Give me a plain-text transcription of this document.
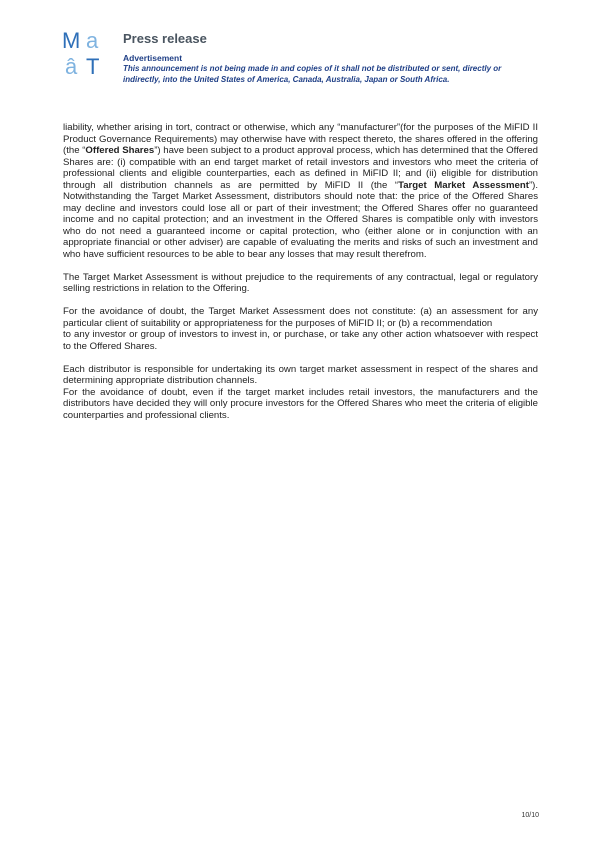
M a
â T
Press release
Advertisement
This announcement is not being made in and copies of it shall not be distributed or sent, directly or indirectly, into the United States of America, Canada, Australia, Japan or South Africa.

liability, whether arising in tort, contract or otherwise, which any “manufacturer”(for the purposes of the MiFID II Product Governance Requirements) may otherwise have with respect thereto, the shares offered in the offering (the “Offered Shares”) have been subject to a product approval process, which has determined that the Offered Shares are: (i) compatible with an end target market of retail investors and investors who meet the criteria of professional clients and eligible counterparties, each as defined in MiFID II; and (ii) eligible for distribution through all distribution channels as are permitted by MiFID II (the “Target Market Assessment”). Notwithstanding the Target Market Assessment, distributors should note that: the price of the Offered Shares may decline and investors could lose all or part of their investment; the Offered Shares offer no guaranteed income and no capital protection; and an investment in the Offered Shares is compatible only with investors who do not need a guaranteed income or capital protection, who (either alone or in conjunction with an appropriate financial or other adviser) are capable of evaluating the merits and risks of such an investment and who have sufficient resources to be able to bear any losses that may result therefrom.

The Target Market Assessment is without prejudice to the requirements of any contractual, legal or regulatory selling restrictions in relation to the Offering.

For the avoidance of doubt, the Target Market Assessment does not constitute: (a) an assessment for any particular client of suitability or appropriateness for the purposes of MiFID II; or (b) a recommendation

to any investor or group of investors to invest in, or purchase, or take any other action whatsoever with respect to the Offered Shares.

Each distributor is responsible for undertaking its own target market assessment in respect of the shares and determining appropriate distribution channels.

For the avoidance of doubt, even if the target market includes retail investors, the manufacturers and the distributors have decided they will only procure investors for the Offered Shares who meet the criteria of eligible counterparties and professional clients.

10/10
